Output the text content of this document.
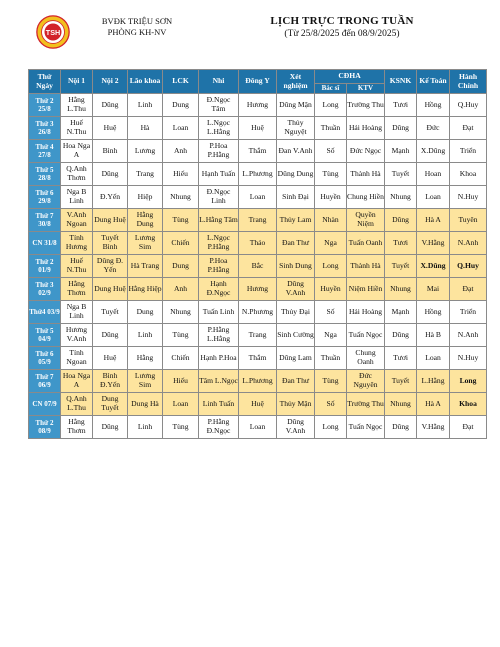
TSH
BVĐK TRIỆU SƠN
PHÒNG KH-NV
LỊCH TRỰC TRONG TUẦN
(Từ 25/8/2025 đến 08/9/2025)
Thứ Ngày	Nội 1	Nội 2	Lão khoa	LCK	Nhi	Đông Y	Xét nghiệm	CĐHA		KSNK	Kế Toán	Hành Chính
								Bác sĩ	KTV			
Thứ 2 25/8	Hằng L.Thu	Dũng	Linh	Dung	Đ.Ngọc Tâm	Hương	Dũng Mận	Long	Trường Thu	Tươi	Hồng	Q.Huy
Thứ 3 26/8	Huế N.Thu	Huệ	Hà	Loan	L.Ngọc L.Hằng	Huệ	Thủy Nguyệt	Thuần	Hải Hoàng	Dũng	Đức	Đạt
Thứ 4 27/8	Hoa Nga A	Bình	Lương	Anh	P.Hoa P.Hằng	Thắm	Đan V.Anh	Số	Đức Ngọc	Mạnh	X.Dũng	Triển
Thứ 5 28/8	Q.Anh Thơm	Dũng	Trang	Hiếu	Hạnh Tuấn	L.Phương	Dũng Dung	Tùng	Thành Hà	Tuyết	Hoan	Khoa
Thứ 6 29/8	Nga B Linh	Đ.Yến	Hiệp	Nhung	Đ.Ngọc Linh	Loan	Sinh Đại	Huyền	Chung Hiền	Nhung	Loan	N.Huy
Thứ 7 30/8	V.Anh Ngoan	Dung Huệ	Hằng Dung	Tùng	L.Hằng Tâm	Trang	Thủy Lam	Nhàn	Quyền Niệm	Dũng	Hà A	Tuyên
CN 31/8	Tính Hương	Tuyết Bình	Lương Sim	Chiến	L.Ngọc P.Hằng	Thảo	Đan Thư	Nga	Tuấn Oanh	Tươi	V.Hằng	N.Anh
Thứ 2 01/9	Huế N.Thu	Dũng Đ. Yến	Hà Trang	Dung	P.Hoa P.Hằng	Bắc	Sinh Dung	Long	Thành Hà	Tuyết	X.Dũng	Q.Huy
Thứ 3 02/9	Hằng Thơm	Dung Huệ	Hằng Hiệp	Anh	Hạnh Đ.Ngọc	Hương	Dũng V.Anh	Huyền	Niệm Hiền	Nhung	Mai	Đạt
Thứ4 03/9	Nga B Linh	Tuyết	Dung	Nhung	Tuấn Linh	N.Phương	Thủy Đại	Số	Hải Hoàng	Mạnh	Hồng	Triển
Thứ 5 04/9	Hương V.Anh	Dũng	Linh	Tùng	P.Hằng L.Hằng	Trang	Sinh Cường	Nga	Tuấn Ngọc	Dũng	Hà B	N.Anh
Thứ 6 05/9	Tính Ngoan	Huệ	Hằng	Chiến	Hạnh P.Hoa	Thắm	Dũng Lam	Thuần	Chung Oanh	Tươi	Loan	N.Huy
Thứ 7 06/9	Hoa Nga A	Bình Đ.Yến	Lương Sim	Hiếu	Tâm L.Ngọc	L.Phương	Đan Thư	Tùng	Đức Nguyên	Tuyết	L.Hằng	Long
CN 07/9	Q.Anh L.Thu	Dung Tuyết	Dung Hà	Loan	Linh Tuấn	Huệ	Thủy Mận	Số	Trường Thu	Nhung	Hà A	Khoa
Thứ 2 08/9	Hằng Thơm	Dũng	Linh	Tùng	P.Hằng Đ.Ngọc	Loan	Dũng V.Anh	Long	Tuấn Ngọc	Dũng	V.Hằng	Đạt
